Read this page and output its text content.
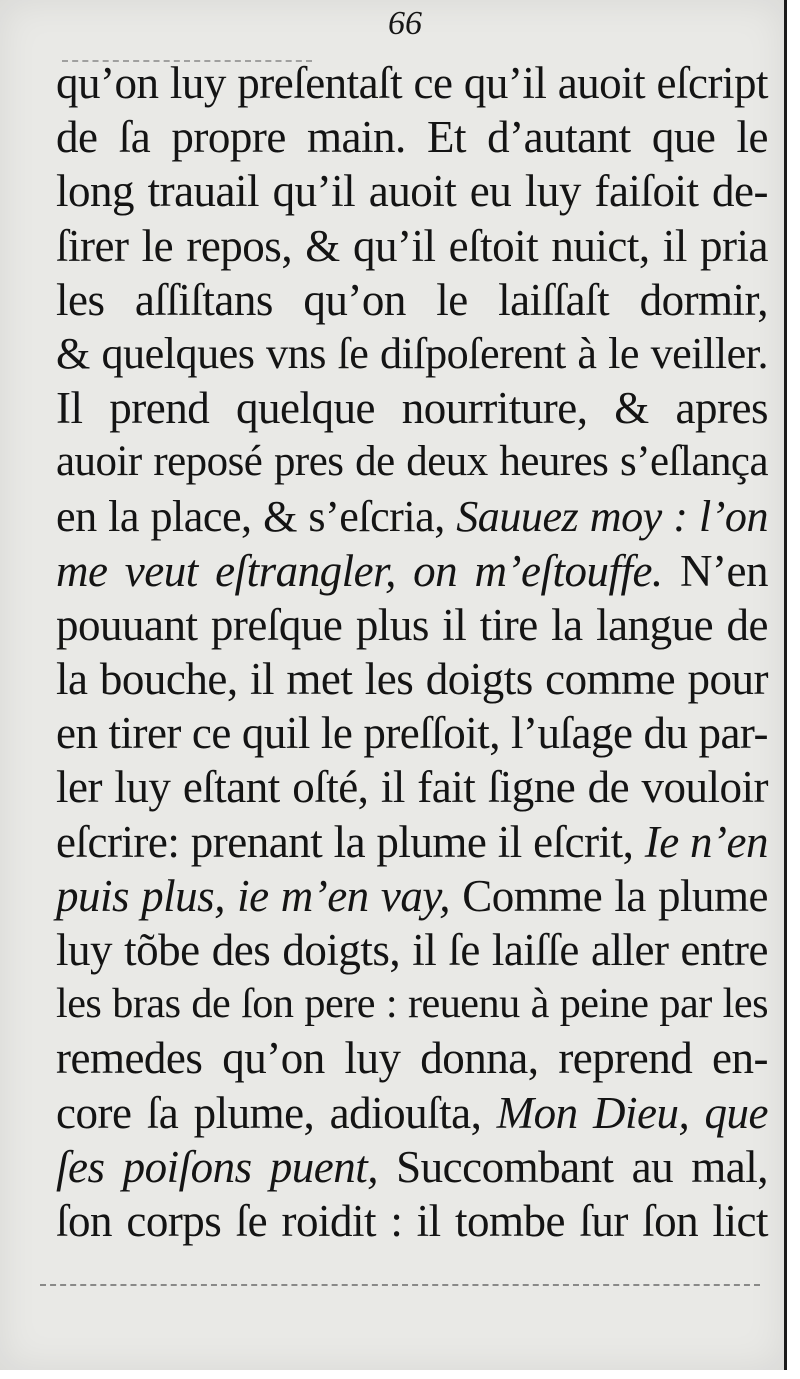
66
qu’on luy preſentaſt ce qu’il auoit eſcript
de ſa propre main. Et d’autant que le
long trauail qu’il auoit eu luy faiſoit de-
ſirer le repos, & qu’il eſtoit nuict, il pria
les aſſiſtans qu’on le laiſſaſt dormir,
& quelques vns ſe diſpoſerent à le veiller.
Il prend quelque nourriture, & apres
auoir reposé pres de deux heures s’eſlança
en la place, & s’eſcria, Sauuez moy : l’on
me veut eſtrangler, on m’eſtouffe. N’en
pouuant preſque plus il tire la langue de
la bouche, il met les doigts comme pour
en tirer ce quil le preſſoit, l’uſage du par-
ler luy eſtant oſté, il fait ſigne de vouloir
eſcrire: prenant la plume il eſcrit, Ie n’en
puis plus, ie m’en vay, Comme la plume
luy tõbe des doigts, il ſe laiſſe aller entre
les bras de ſon pere : reuenu à peine par les
remedes qu’on luy donna, reprend en-
core ſa plume, adiouſta, Mon Dieu, que
ſes poiſons puent, Succombant au mal,
ſon corps ſe roidit : il tombe ſur ſon lict
